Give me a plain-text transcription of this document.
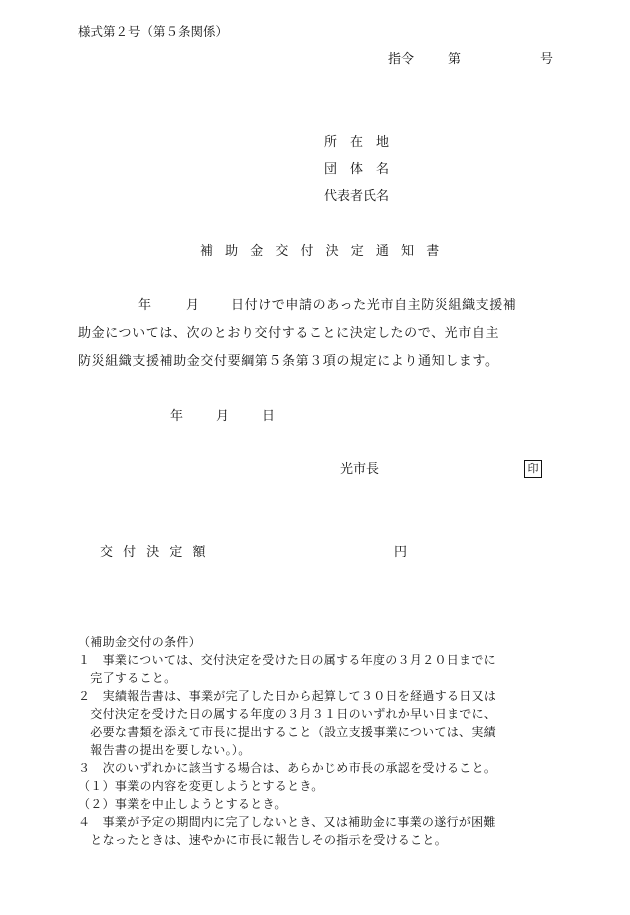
様式第２号（第５条関係）
指令	第	号
所　在　地
団　体　名
代表者氏名
補 助 金 交 付 決 定 通 知 書
年	月 日付けで申請のあった光市自主防災組織支援補
助金については、次のとおり交付することに決定したので、光市自主
防災組織支援補助金交付要綱第５条第３項の規定により通知します。
年	月	日
光市長	印
交 付 決 定 額	円
（補助金交付の条件）
１　事業については、交付決定を受けた日の属する年度の３月２０日までに
　完了すること。
２　実績報告書は、事業が完了した日から起算して３０日を経過する日又は
　交付決定を受けた日の属する年度の３月３１日のいずれか早い日までに、
　必要な書類を添えて市長に提出すること（設立支援事業については、実績
　報告書の提出を要しない。）。
３　次のいずれかに該当する場合は、あらかじめ市長の承認を受けること。
（１）事業の内容を変更しようとするとき。
（２）事業を中止しようとするとき。
４　事業が予定の期間内に完了しないとき、又は補助金に事業の遂行が困難
　となったときは、速やかに市長に報告しその指示を受けること。
